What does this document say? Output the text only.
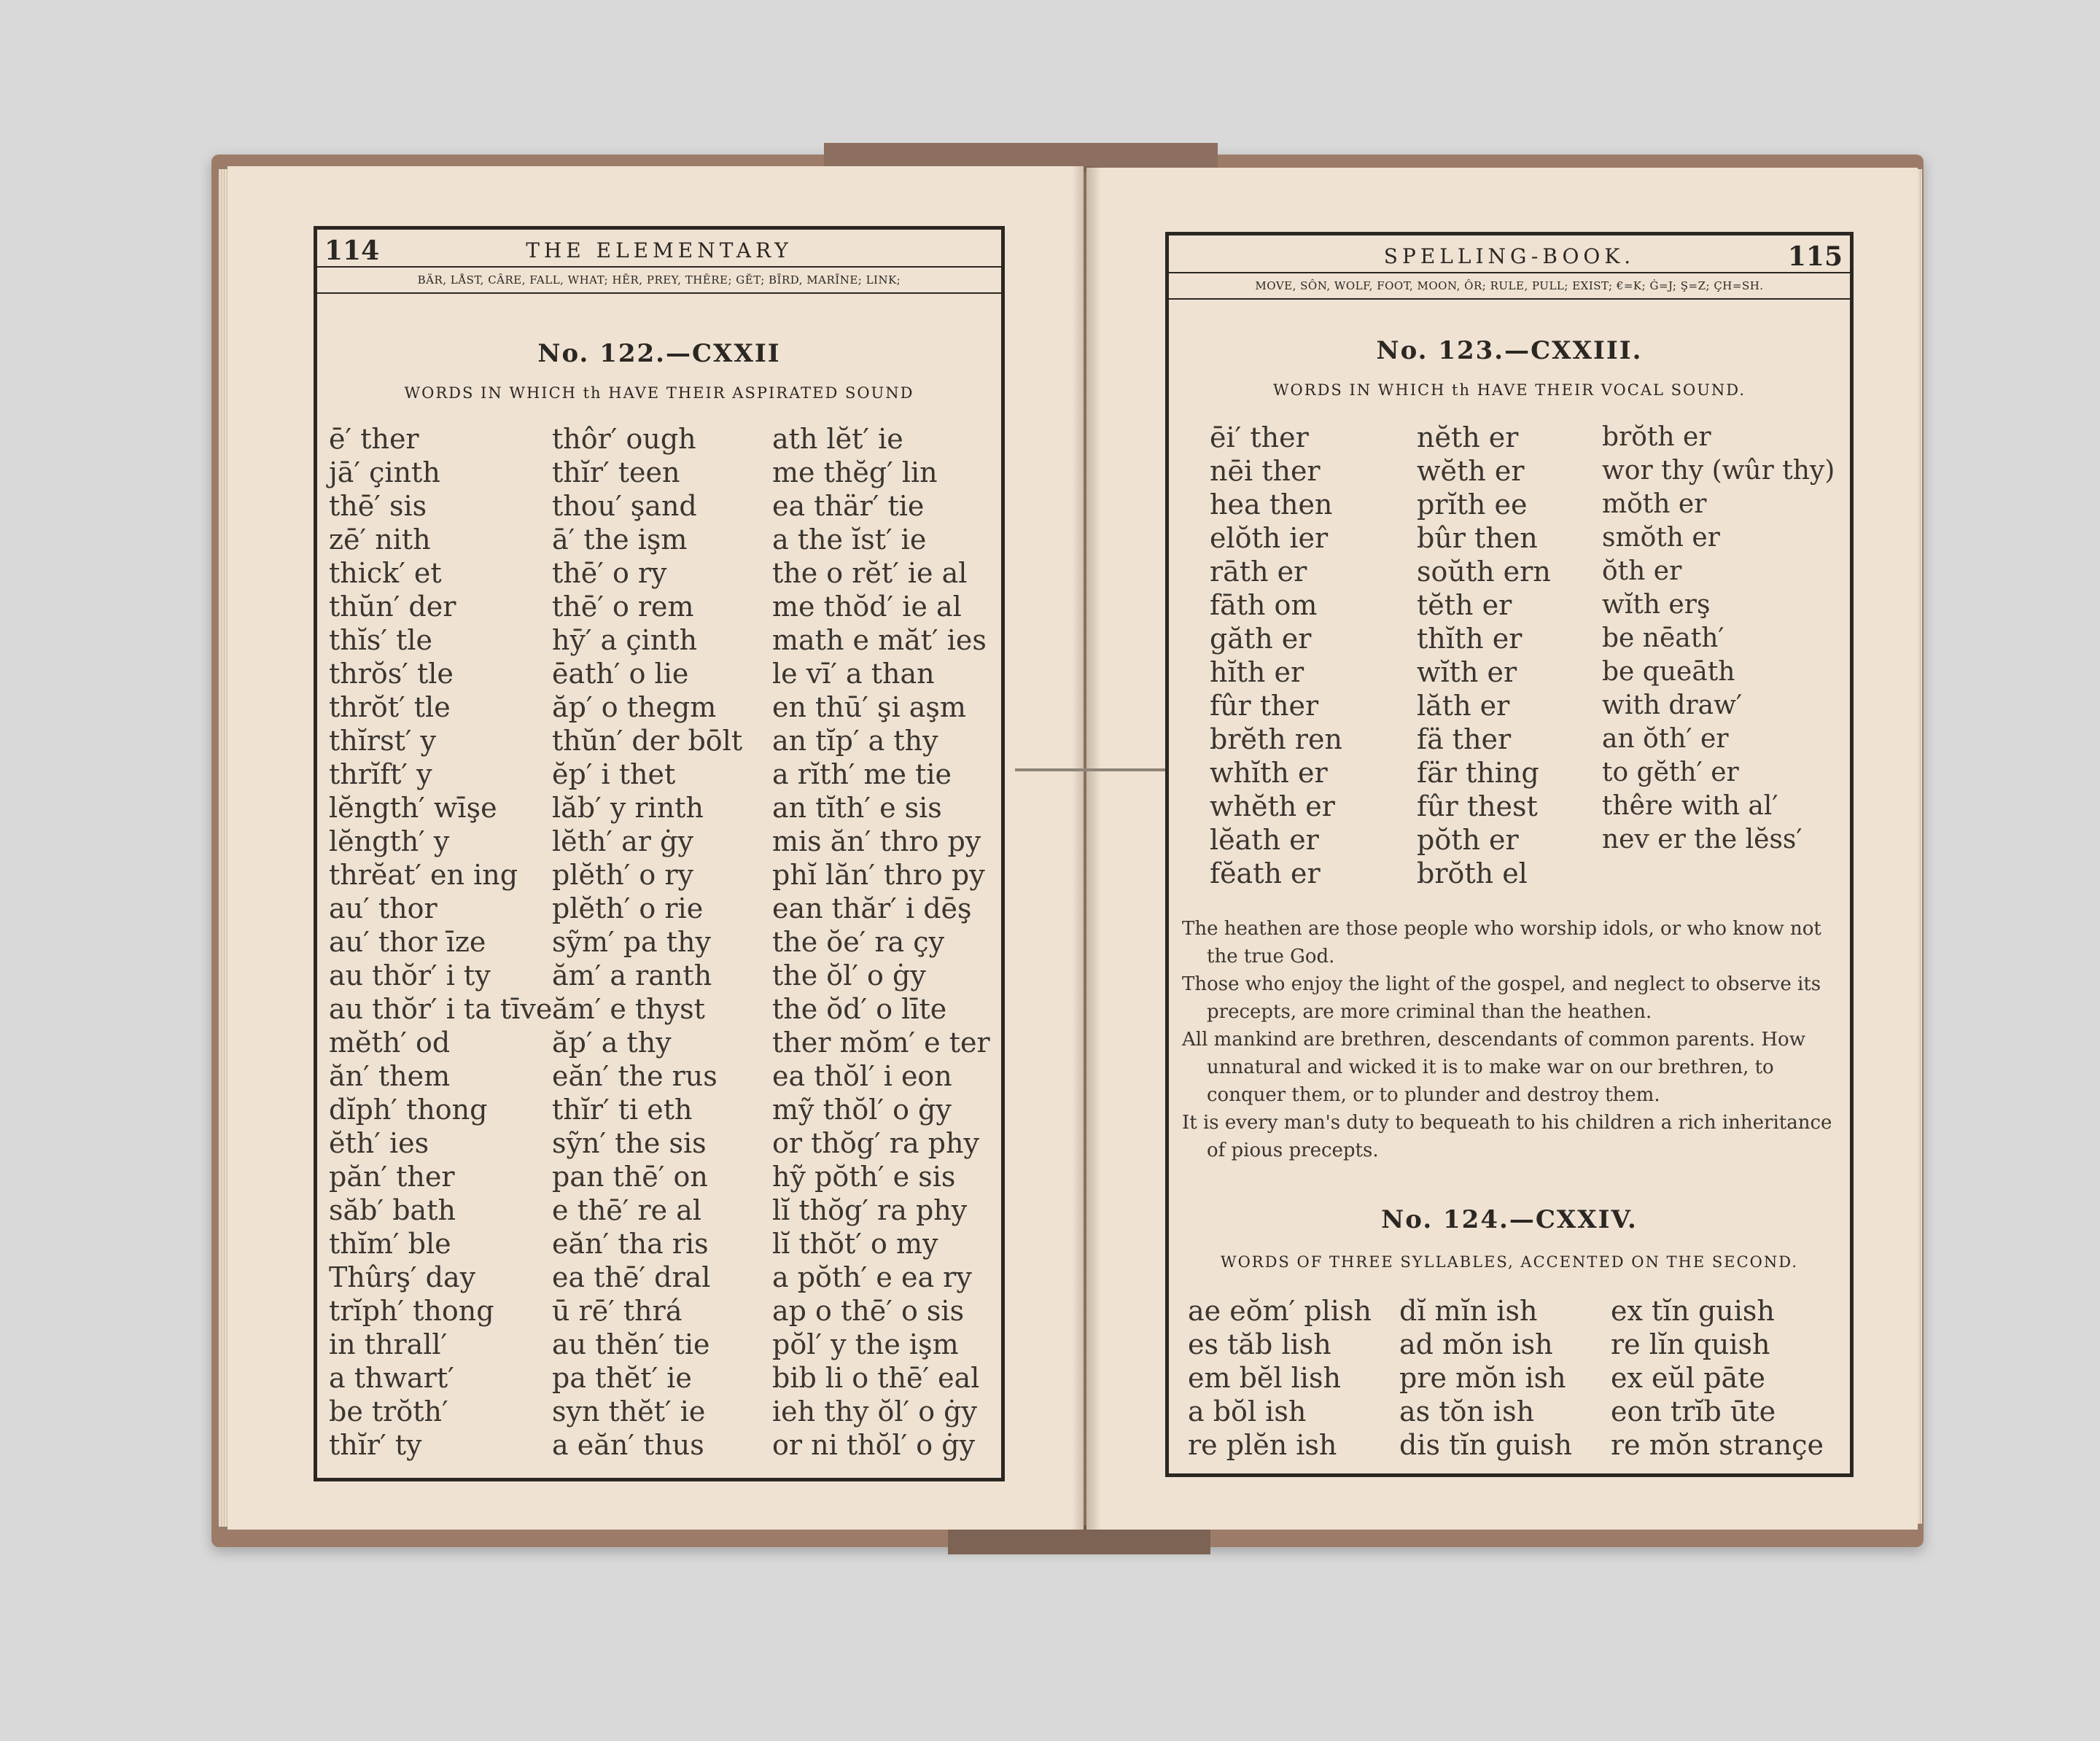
114	THE ELEMENTARY
BÄR, LÅST, CÂRE, FALL, WHAT; HĒR, PREY, THÊRE; GĔT; BĪRD, MARĪNE; LINK;
No. 122.—CXXII
WORDS IN WHICH th HAVE THEIR ASPIRATED SOUND
ē′ ther
jā′ çinth
thē′ sis
zē′ nith
thick′ et
thŭn′ der
thĭs′ tle
thrŏs′ tle
thrŏt′ tle
thĭrst′ y
thrĭft′ y
lĕngth′ wīşe
lĕngth′ y
thrĕat′ en ing
au′ thor
au′ thor īze
au thŏr′ i ty
au thŏr′ i ta tīve
mĕth′ od
ăn′ them
dĭph′ thong
ĕth′ ies
păn′ ther
săb′ bath
thĭm′ ble
Thûrş′ day
trĭph′ thong
in thrall′
a thwart′
be trŏth′
thĭr′ ty
thôr′ ough
thĭr′ teen
thou′ şand
ā′ the işm
thē′ o ry
thē′ o rem
hȳ′ a çinth
ēath′ o lie
ăp′ o thegm
thŭn′ der bōlt
ĕp′ i thet
lăb′ y rinth
lĕth′ ar ġy
plĕth′ o ry
plĕth′ o rie
sỹm′ pa thy
ăm′ a ranth
ăm′ e thyst
ăp′ a thy
eăn′ the rus
thĭr′ ti eth
sỹn′ the sis
pan thē′ on
e thē′ re al
eăn′ tha ris
ea thē′ dral
ū rē′ thrá
au thĕn′ tie
pa thĕt′ ie
syn thĕt′ ie
a eăn′ thus
ath lĕt′ ie
me thĕg′ lin
ea thär′ tie
a the ĭst′ ie
the o rĕt′ ie al
me thŏd′ ie al
math e măt′ ies
le vī′ a than
en thū′ şi aşm
an tĭp′ a thy
a rĭth′ me tie
an tĭth′ e sis
mis ăn′ thro py
phĭ lăn′ thro py
ean thăr′ i dēş
the ŏe′ ra çy
the ŏl′ o ġy
the ŏd′ o līte
ther mŏm′ e ter
ea thŏl′ i eon
mỹ thŏl′ o ġy
or thŏg′ ra phy
hỹ pŏth′ e sis
lĭ thŏg′ ra phy
lĭ thŏt′ o my
a pŏth′ e ea ry
ap o thē′ o sis
pŏl′ y the işm
bib li o thē′ eal
ieh thy ŏl′ o ġy
or ni thŏl′ o ġy
SPELLING-BOOK.	115
MOVE, SÔN, WOLF, FOOT, MOON, ÔR; RULE, PULL; EXIST; €=K; Ġ=J; Ş=Z; ÇH=SH.
No. 123.—CXXIII.
WORDS IN WHICH th HAVE THEIR VOCAL SOUND.
ēi′ ther
nēi ther
hea then
elŏth ier
rāth er
fāth om
găth er
hĭth er
fûr ther
brĕth ren
whĭth er
whĕth er
lĕath er
fĕath er
nĕth er
wĕth er
prĭth ee
bûr then
soŭth ern
tĕth er
thĭth er
wĭth er
lăth er
fä ther
fär thing
fûr thest
pŏth er
brŏth el
brŏth er
wor thy (wûr thy)
mŏth er
smŏth er
ŏth er
wĭth erş
be nēath′
be queāth
with draw′
an ŏth′ er
to gĕth′ er
thêre with al′
nev er the lĕss′

The heathen are those people who worship idols, or who know not the true God.

Those who enjoy the light of the gospel, and neglect to observe its precepts, are more criminal than the heathen.

All mankind are brethren, descendants of common parents. How unnatural and wicked it is to make war on our brethren, to conquer them, or to plunder and destroy them.

It is every man's duty to bequeath to his children a rich inheritance of pious precepts.

No. 124.—CXXIV.
WORDS OF THREE SYLLABLES, ACCENTED ON THE SECOND.
ae eŏm′ plish
es tăb lish
em bĕl lish
a bŏl ish
re plĕn ish
dĭ mĭn ish
ad mŏn ish
pre mŏn ish
as tŏn ish
dis tĭn guish
ex tĭn guish
re lĭn quish
ex eŭl pāte
eon trĭb ūte
re mŏn strançe
